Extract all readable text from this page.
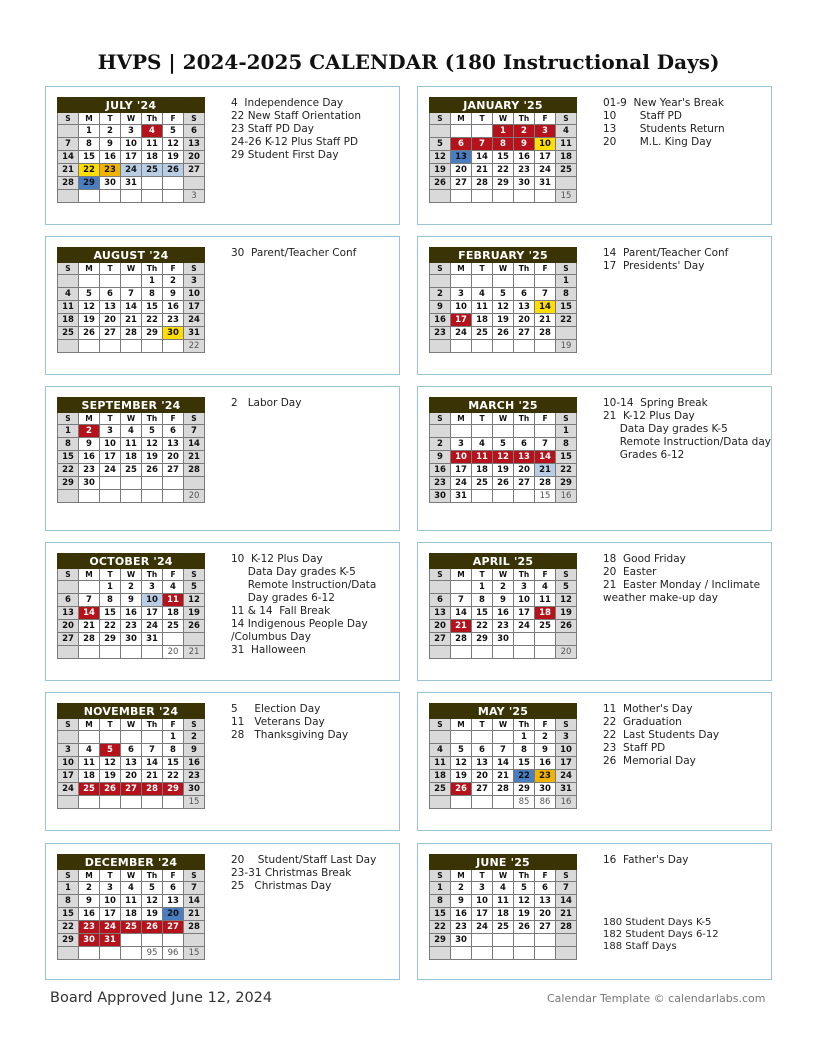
HVPS | 2024-2025 CALENDAR (180 Instructional Days)
JULY '24						
S	M	T	W	Th	F	S
	1	2	3	4	5	6
7	8	9	10	11	12	13
14	15	16	17	18	19	20
21	22	23	24	25	26	27
28	29	30	31			
						3
4  Independence Day
22 New Staff Orientation
23 Staff PD Day
24-26 K-12 Plus Staff PD
29 Student First Day
JANUARY '25						
S	M	T	W	Th	F	S
			1	2	3	4
5	6	7	8	9	10	11
12	13	14	15	16	17	18
19	20	21	22	23	24	25
26	27	28	29	30	31	
						15
01-9  New Year's Break
10       Staff PD
13       Students Return
20       M.L. King Day
AUGUST '24						
S	M	T	W	Th	F	S
				1	2	3
4	5	6	7	8	9	10
11	12	13	14	15	16	17
18	19	20	21	22	23	24
25	26	27	28	29	30	31
						22
30  Parent/Teacher Conf	FEBRUARY '25						
S	M	T	W	Th	F	S
						1
2	3	4	5	6	7	8
9	10	11	12	13	14	15
16	17	18	19	20	21	22
23	24	25	26	27	28	
						19
14  Parent/Teacher Conf
17  Presidents' Day
SEPTEMBER '24						
S	M	T	W	Th	F	S
1	2	3	4	5	6	7
8	9	10	11	12	13	14
15	16	17	18	19	20	21
22	23	24	25	26	27	28
29	30					
						20
2   Labor Day	MARCH '25						
S	M	T	W	Th	F	S
						1
2	3	4	5	6	7	8
9	10	11	12	13	14	15
16	17	18	19	20	21	22
23	24	25	26	27	28	29
30	31				15	16
10-14  Spring Break
21  K-12 Plus Day
Data Day grades K-5
Remote Instruction/Data day
Grades 6-12
OCTOBER '24						
S	M	T	W	Th	F	S
		1	2	3	4	5
6	7	8	9	10	11	12
13	14	15	16	17	18	19
20	21	22	23	24	25	26
27	28	29	30	31		
					20	21
10  K-12 Plus Day
Data Day grades K-5
Remote Instruction/Data
Day grades 6-12
11 & 14  Fall Break
14 Indigenous People Day
/Columbus Day
31  Halloween
APRIL '25						
S	M	T	W	Th	F	S
		1	2	3	4	5
6	7	8	9	10	11	12
13	14	15	16	17	18	19
20	21	22	23	24	25	26
27	28	29	30			
						20
18  Good Friday
20  Easter
21  Easter Monday / Inclimate
weather make-up day
NOVEMBER '24						
S	M	T	W	Th	F	S
					1	2
3	4	5	6	7	8	9
10	11	12	13	14	15	16
17	18	19	20	21	22	23
24	25	26	27	28	29	30
						15
5     Election Day
11   Veterans Day
28   Thanksgiving Day
MAY '25						
S	M	T	W	Th	F	S
				1	2	3
4	5	6	7	8	9	10
11	12	13	14	15	16	17
18	19	20	21	22	23	24
25	26	27	28	29	30	31
				85	86	16
11  Mother's Day
22  Graduation
22  Last Students Day
23  Staff PD
26  Memorial Day
DECEMBER '24						
S	M	T	W	Th	F	S
1	2	3	4	5	6	7
8	9	10	11	12	13	14
15	16	17	18	19	20	21
22	23	24	25	26	27	28
29	30	31				
				95	96	15
20    Student/Staff Last Day
23-31 Christmas Break
25   Christmas Day
JUNE '25						
S	M	T	W	Th	F	S
1	2	3	4	5	6	7
8	9	10	11	12	13	14
15	16	17	18	19	20	21
22	23	24	25	26	27	28
29	30					

16  Father's Day
180 Student Days K-5
182 Student Days 6-12
188 Staff Days
Board Approved June 12, 2024	Calendar Template © calendarlabs.com
